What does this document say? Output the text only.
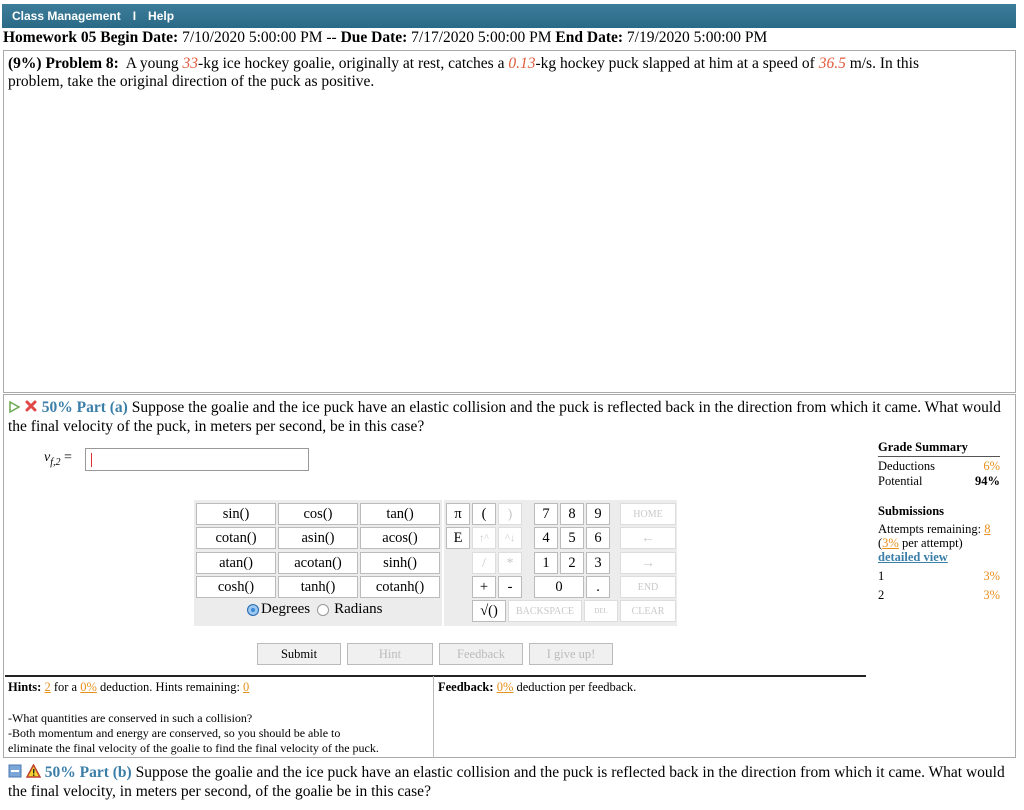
Class Management I Help
Homework 05 Begin Date: 7/10/2020 5:00:00 PM -- Due Date: 7/17/2020 5:00:00 PM End Date: 7/19/2020 5:00:00 PM
(9%) Problem 8: A young 33-kg ice hockey goalie, originally at rest, catches a 0.13-kg hockey puck slapped at him at a speed of 36.5 m/s. In this problem, take the original direction of the puck as positive.
50% Part (a) Suppose the goalie and the ice puck have an elastic collision and the puck is reflected back in the direction from which it came. What would the final velocity of the puck, in meters per second, be in this case?
$v_{f,2}$ =
Grade Summary
Deductions	6%
Potential	94%
Submissions
Attempts remaining: 8
(3% per attempt)
detailed view
1	3%
2	3%
sin()	cos()	tan()
cotan()	asin()	acos()
atan()	acotan()	sinh()
cosh()	tanh()	cotanh()
Degrees Radians
π	(	)	7	8	9	HOME
E	↑^	^↓	4	5	6	←
/	*	1	2	3	→
+	-	0	.	END
√()	BACKSPACE	DEL	CLEAR
Submit	Hint	Feedback	I give up!
Hints: 2 for a 0% deduction. Hints remaining: 0	Feedback: 0% deduction per feedback.
-What quantities are conserved in such a collision?
-Both momentum and energy are conserved, so you should be able to
eliminate the final velocity of the goalie to find the final velocity of the puck.
50% Part (b) Suppose the goalie and the ice puck have an elastic collision and the puck is reflected back in the direction from which it came. What would the final velocity, in meters per second, of the goalie be in this case?
